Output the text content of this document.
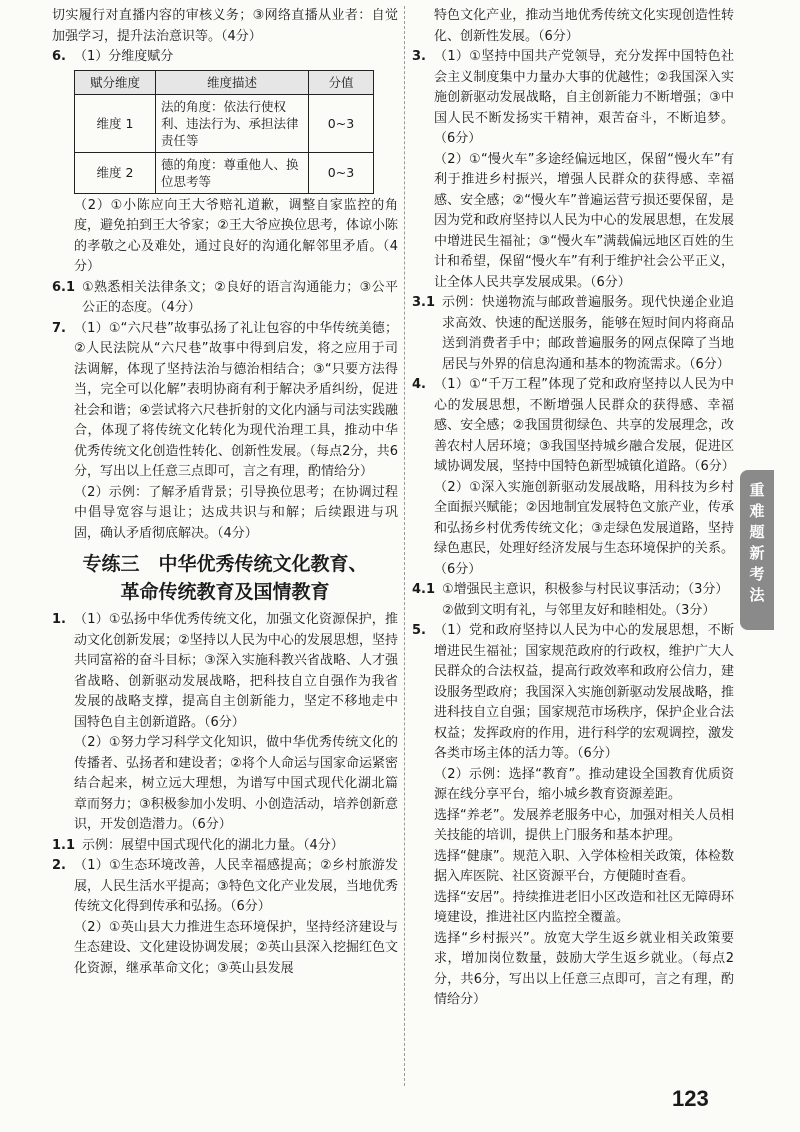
切实履行对直播内容的审核义务；③网络直播从业者：自觉加强学习，提升法治意识等。（4分）

6. （1）分维度赋分

赋分维度	维度描述	分值
维度 1	法的角度：依法行使权利、违法行为、承担法律责任等	0~3
维度 2	德的角度：尊重他人、换位思考等	0~3

（2）①小陈应向王大爷赔礼道歉，调整自家监控的角度，避免拍到王大爷家；②王大爷应换位思考，体谅小陈的孝敬之心及难处，通过良好的沟通化解邻里矛盾。（4分）

6.1 ①熟悉相关法律条文；②良好的语言沟通能力；③公平公正的态度。（4分）

7. （1）①“六尺巷”故事弘扬了礼让包容的中华传统美德；②人民法院从“六尺巷”故事中得到启发，将之应用于司法调解，体现了坚持法治与德治相结合；③“只要方法得当，完全可以化解”表明协商有利于解决矛盾纠纷，促进社会和谐；④尝试将六尺巷折射的文化内涵与司法实践融合，体现了将传统文化转化为现代治理工具，推动中华优秀传统文化创造性转化、创新性发展。（每点2分，共6分，写出以上任意三点即可，言之有理，酌情给分）

（2）示例：了解矛盾背景；引导换位思考；在协调过程中倡导宽容与退让；达成共识与和解；后续跟进与巩固，确认矛盾彻底解决。（4分）

专练三　中华优秀传统文化教育、
革命传统教育及国情教育
1. （1）①弘扬中华优秀传统文化，加强文化资源保护，推动文化创新发展；②坚持以人民为中心的发展思想，坚持共同富裕的奋斗目标；③深入实施科教兴省战略、人才强省战略、创新驱动发展战略，把科技自立自强作为我省发展的战略支撑，提高自主创新能力，坚定不移地走中国特色自主创新道路。（6分）

（2）①努力学习科学文化知识，做中华优秀传统文化的传播者、弘扬者和建设者；②将个人命运与国家命运紧密结合起来，树立远大理想，为谱写中国式现代化湖北篇章而努力；③积极参加小发明、小创造活动，培养创新意识，开发创造潜力。（6分）

1.1 示例：展望中国式现代化的湖北力量。（4分）

2. （1）①生态环境改善，人民幸福感提高；②乡村旅游发展，人民生活水平提高；③特色文化产业发展，当地优秀传统文化得到传承和弘扬。（6分）

（2）①英山县大力推进生态环境保护，坚持经济建设与生态建设、文化建设协调发展；②英山县深入挖掘红色文化资源，继承革命文化；③英山县发展

特色文化产业，推动当地优秀传统文化实现创造性转化、创新性发展。（6分）

3. （1）①坚持中国共产党领导，充分发挥中国特色社会主义制度集中力量办大事的优越性；②我国深入实施创新驱动发展战略，自主创新能力不断增强；③中国人民不断发扬实干精神，艰苦奋斗，不断追梦。（6分）

（2）①“慢火车”多途经偏远地区，保留“慢火车”有利于推进乡村振兴，增强人民群众的获得感、幸福感、安全感；②“慢火车”普遍运营亏损还要保留，是因为党和政府坚持以人民为中心的发展思想，在发展中增进民生福祉；③“慢火车”满载偏远地区百姓的生计和希望，保留“慢火车”有利于维护社会公平正义，让全体人民共享发展成果。（6分）

3.1 示例：快递物流与邮政普遍服务。现代快递企业追求高效、快速的配送服务，能够在短时间内将商品送到消费者手中；邮政普遍服务的网点保障了当地居民与外界的信息沟通和基本的物流需求。（6分）

4. （1）①“千万工程”体现了党和政府坚持以人民为中心的发展思想，不断增强人民群众的获得感、幸福感、安全感；②我国贯彻绿色、共享的发展理念，改善农村人居环境；③我国坚持城乡融合发展，促进区域协调发展，坚持中国特色新型城镇化道路。（6分）

（2）①深入实施创新驱动发展战略，用科技为乡村全面振兴赋能；②因地制宜发展特色文旅产业，传承和弘扬乡村优秀传统文化；③走绿色发展道路，坚持绿色惠民，处理好经济发展与生态环境保护的关系。（6分）

4.1 ①增强民主意识，积极参与村民议事活动；（3分）

②做到文明有礼，与邻里友好和睦相处。（3分）

5. （1）党和政府坚持以人民为中心的发展思想，不断增进民生福祉；国家规范政府的行政权，维护广大人民群众的合法权益，提高行政效率和政府公信力，建设服务型政府；我国深入实施创新驱动发展战略，推进科技自立自强；国家规范市场秩序，保护企业合法权益；发挥政府的作用，进行科学的宏观调控，激发各类市场主体的活力等。（6分）

（2）示例：选择“教育”。推动建设全国教育优质资源在线分享平台，缩小城乡教育资源差距。

选择“养老”。发展养老服务中心，加强对相关人员相关技能的培训，提供上门服务和基本护理。

选择“健康”。规范入职、入学体检相关政策，体检数据入库医院、社区资源平台，方便随时查看。

选择“安居”。持续推进老旧小区改造和社区无障碍环境建设，推进社区内监控全覆盖。

选择“乡村振兴”。放宽大学生返乡就业相关政策要求，增加岗位数量，鼓励大学生返乡就业。（每点2分，共6分，写出以上任意三点即可，言之有理，酌情给分）

重
难
题
新
考
法
123
